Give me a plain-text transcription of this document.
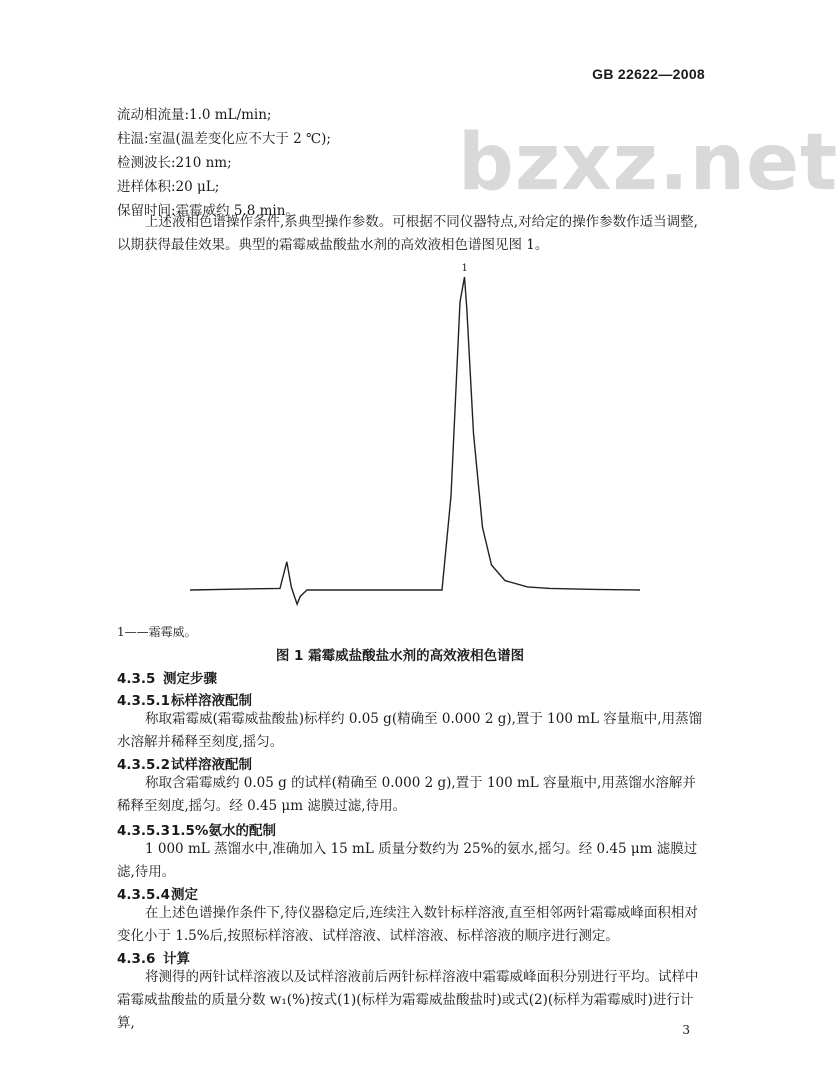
GB 22622—2008
bzxz.net
流动相流量:1.0 mL/min;
柱温:室温(温差变化应不大于 2 ℃);
检测波长:210 nm;
进样体积:20 μL;
保留时间:霜霉威约 5.8 min。
上述液相色谱操作条件,系典型操作参数。可根据不同仪器特点,对给定的操作参数作适当调整,以期获得最佳效果。典型的霜霉威盐酸盐水剂的高效液相色谱图见图 1。
1
1——霜霉威。
图 1 霜霉威盐酸盐水剂的高效液相色谱图
4.3.5 测定步骤
4.3.5.1标样溶液配制
称取霜霉威(霜霉威盐酸盐)标样约 0.05 g(精确至 0.000 2 g),置于 100 mL 容量瓶中,用蒸馏水溶解并稀释至刻度,摇匀。
4.3.5.2试样溶液配制
称取含霜霉威约 0.05 g 的试样(精确至 0.000 2 g),置于 100 mL 容量瓶中,用蒸馏水溶解并稀释至刻度,摇匀。经 0.45 μm 滤膜过滤,待用。
4.3.5.31.5%氨水的配制
1 000 mL 蒸馏水中,准确加入 15 mL 质量分数约为 25%的氨水,摇匀。经 0.45 μm 滤膜过滤,待用。
4.3.5.4测定
在上述色谱操作条件下,待仪器稳定后,连续注入数针标样溶液,直至相邻两针霜霉威峰面积相对变化小于 1.5%后,按照标样溶液、试样溶液、试样溶液、标样溶液的顺序进行测定。
4.3.6 计算
将测得的两针试样溶液以及试样溶液前后两针标样溶液中霜霉威峰面积分别进行平均。试样中霜霉威盐酸盐的质量分数 w₁(%)按式(1)(标样为霜霉威盐酸盐时)或式(2)(标样为霜霉威时)进行计算,	3
